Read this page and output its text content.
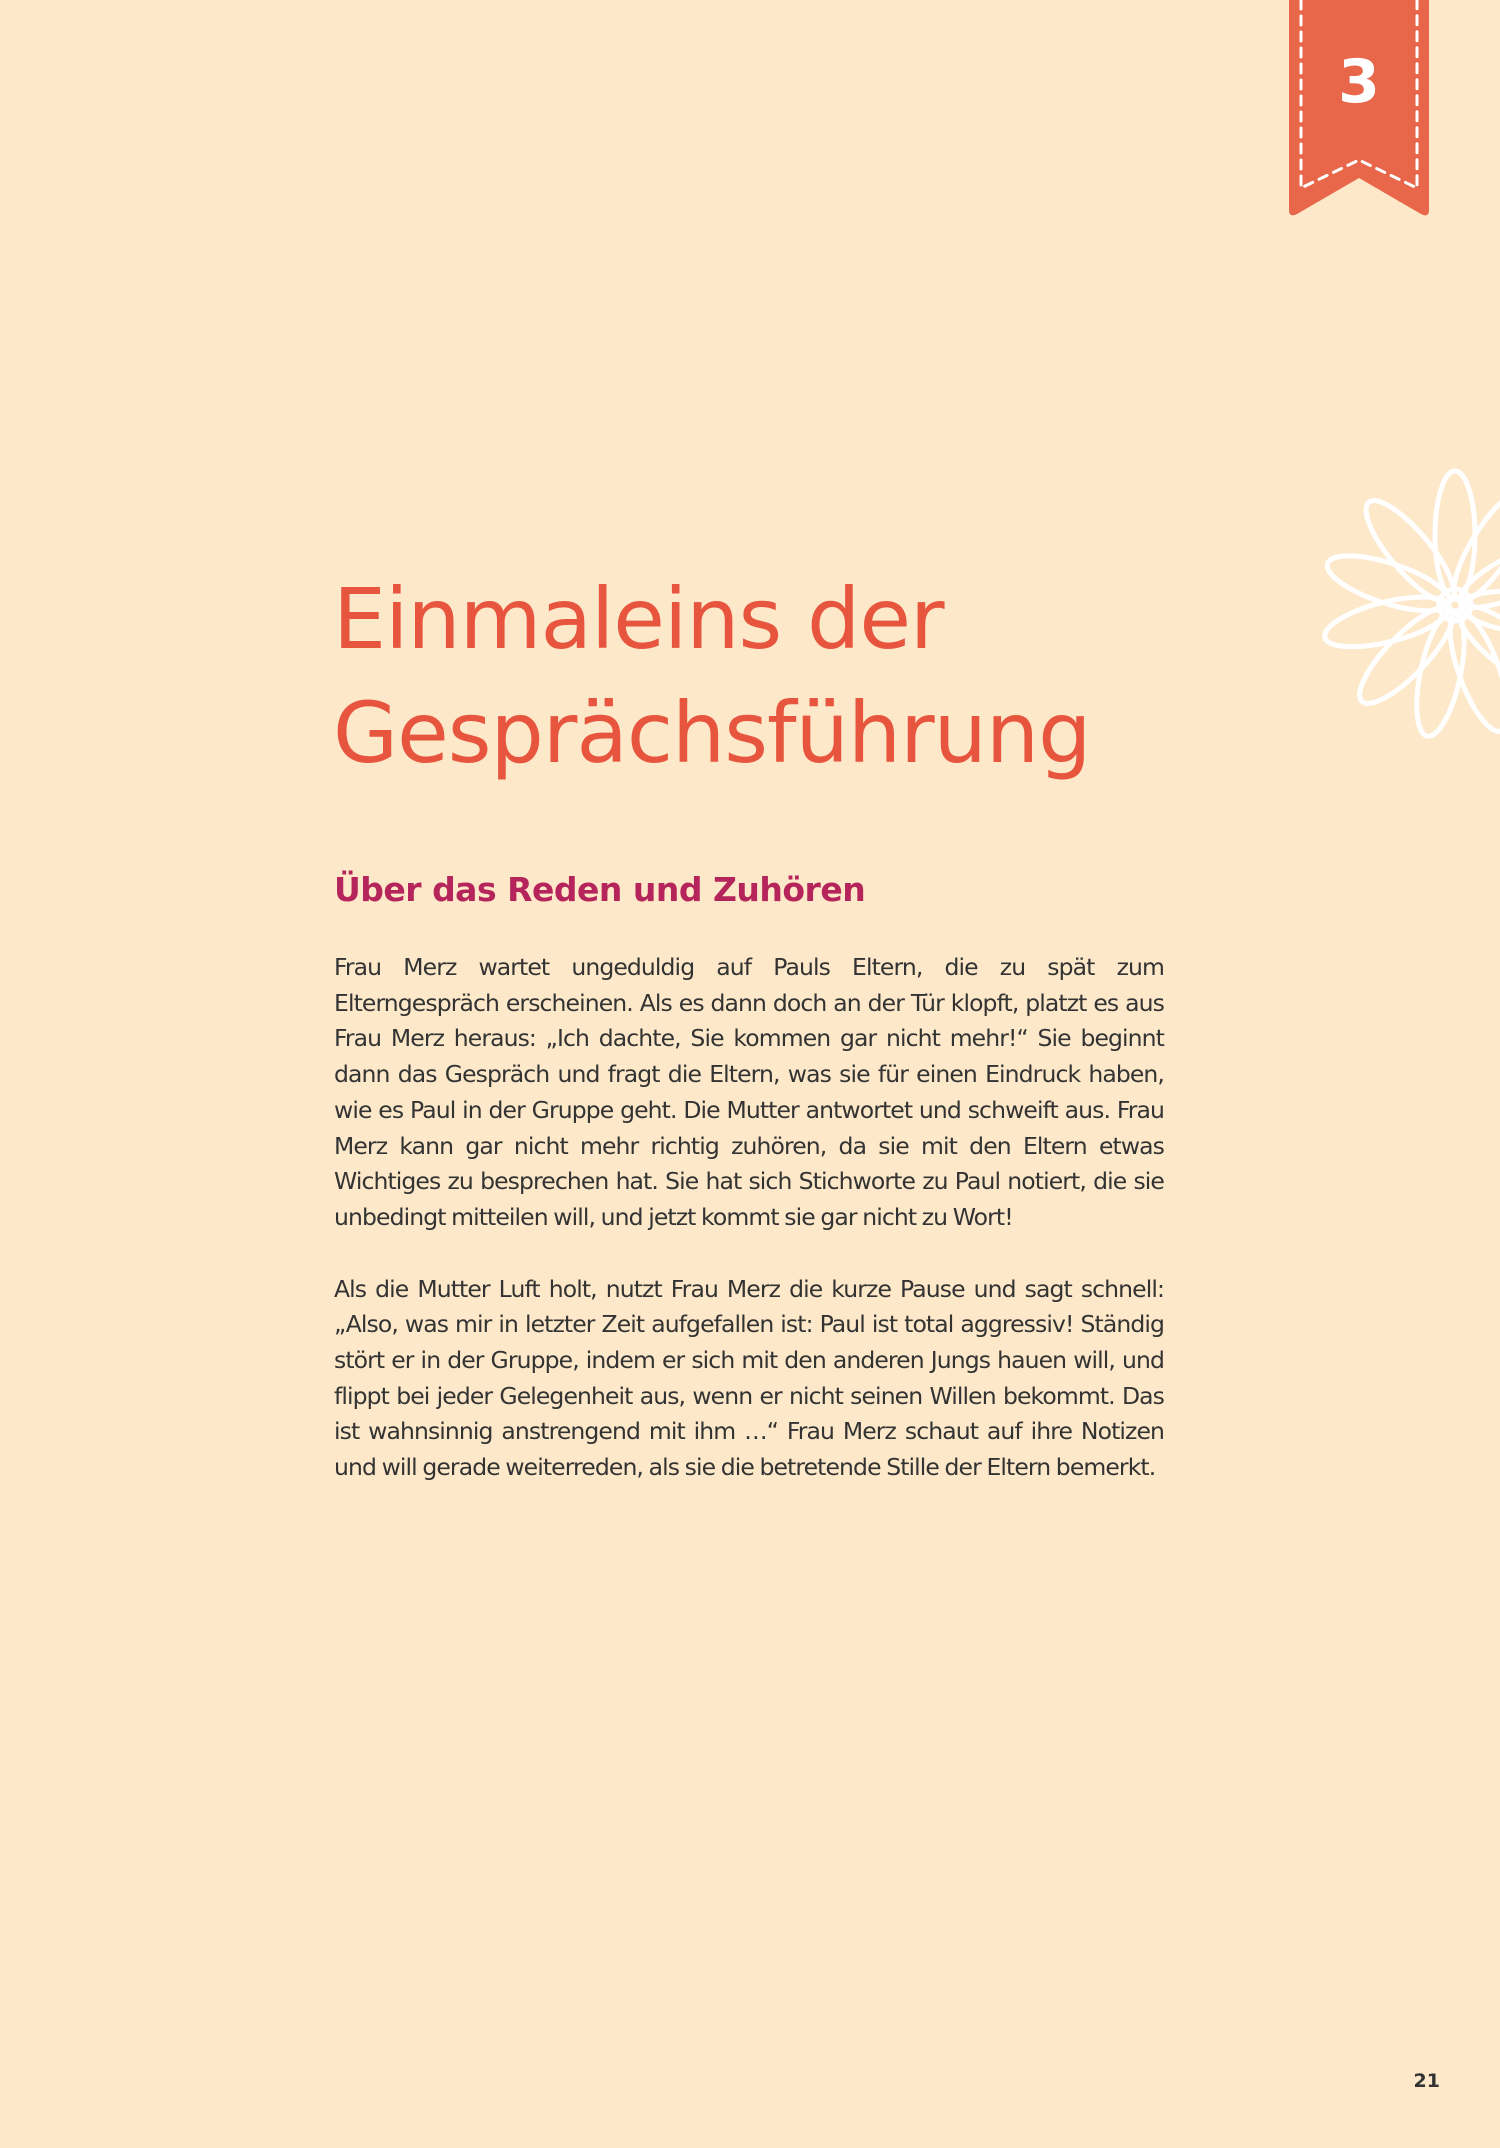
3
Einmaleins der
Gesprächsführung
Über das Reden und Zuhören

Frau Merz wartet ungeduldig auf Pauls Eltern, die zu spät zum Elterngespräch erscheinen. Als es dann doch an der Tür klopft, platzt es aus Frau Merz heraus: „Ich dachte, Sie kommen gar nicht mehr!“ Sie beginnt dann das Gespräch und fragt die Eltern, was sie für einen Eindruck haben, wie es Paul in der Gruppe geht. Die Mutter antwortet und schweift aus. Frau Merz kann gar nicht mehr richtig zuhören, da sie mit den Eltern etwas Wichtiges zu besprechen hat. Sie hat sich Stichworte zu Paul notiert, die sie unbedingt mitteilen will, und jetzt kommt sie gar nicht zu Wort!

Als die Mutter Luft holt, nutzt Frau Merz die kurze Pause und sagt schnell: „Also, was mir in letzter Zeit aufgefallen ist: Paul ist total aggressiv! Ständig stört er in der Gruppe, indem er sich mit den anderen Jungs hauen will, und flippt bei jeder Gelegenheit aus, wenn er nicht seinen Willen bekommt. Das ist wahnsinnig anstrengend mit ihm …“ Frau Merz schaut auf ihre Notizen und will gerade weiterreden, als sie die betretende Stille der Eltern bemerkt.

21
